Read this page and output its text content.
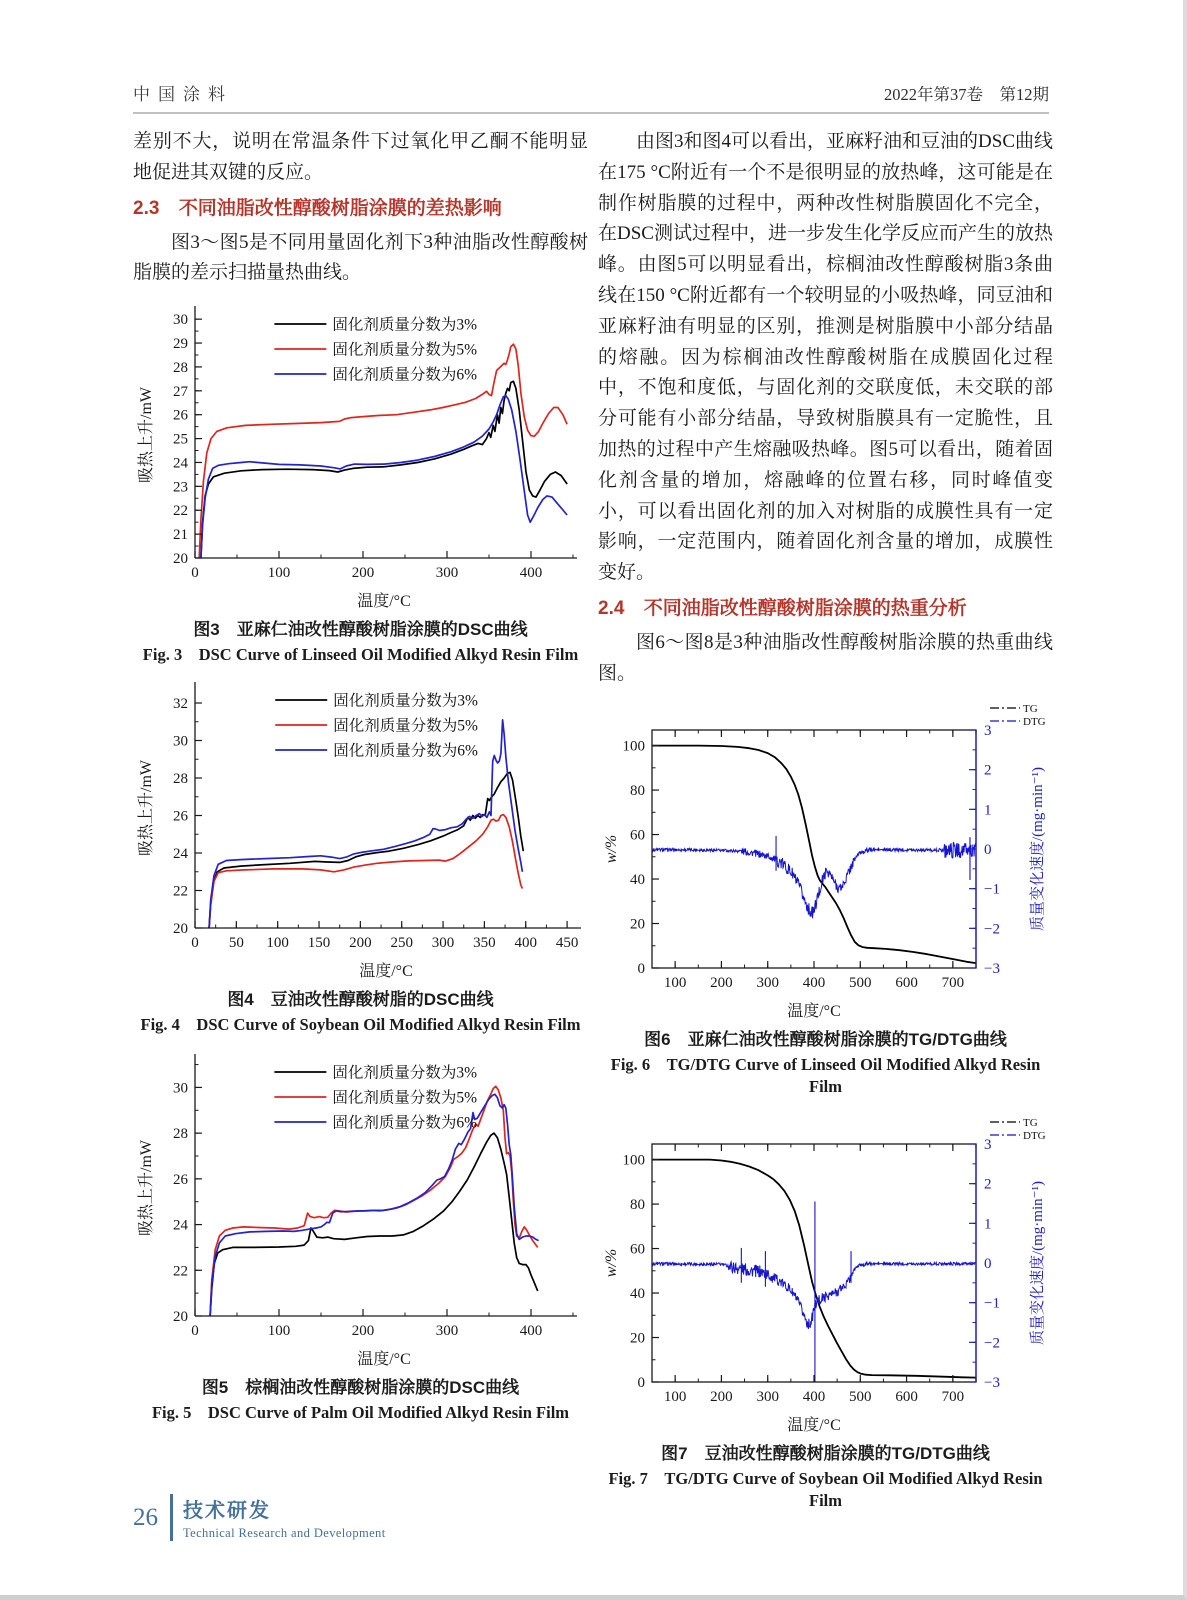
中国涂料	2022年第37卷　第12期

差别不大，说明在常温条件下过氧化甲乙酮不能明显地促进其双键的反应。

2.3 不同油脂改性醇酸树脂涂膜的差热影响

图3～图5是不同用量固化剂下3种油脂改性醇酸树脂膜的差示扫描量热曲线。

0	100	200	300	400
20
21
22
23
24
25
26
27
28
29
30
温度/°C
吸热上升/mW
固化剂质量分数为3%
固化剂质量分数为5%
固化剂质量分数为6%
图3　亚麻仁油改性醇酸树脂涂膜的DSC曲线
Fig. 3　DSC Curve of Linseed Oil Modified Alkyd Resin Film
0 50 100 150 200 250 300 350 400 450
20
22
24
26
28
30
32
温度/°C
吸热上升/mW
固化剂质量分数为3%
固化剂质量分数为5%
固化剂质量分数为6%
图4　豆油改性醇酸树脂的DSC曲线
Fig. 4　DSC Curve of Soybean Oil Modified Alkyd Resin Film
0	100	200	300	400
20
22
24
26
28
30
温度/°C
吸热上升/mW
固化剂质量分数为3%
固化剂质量分数为5%
固化剂质量分数为6%
图5　棕榈油改性醇酸树脂涂膜的DSC曲线
Fig. 5　DSC Curve of Palm Oil Modified Alkyd Resin Film

由图3和图4可以看出，亚麻籽油和豆油的DSC曲线在175 °C附近有一个不是很明显的放热峰，这可能是在制作树脂膜的过程中，两种改性树脂膜固化不完全，在DSC测试过程中，进一步发生化学反应而产生的放热峰。由图5可以明显看出，棕榈油改性醇酸树脂3条曲线在150 °C附近都有一个较明显的小吸热峰，同豆油和亚麻籽油有明显的区别，推测是树脂膜中小部分结晶的熔融。因为棕榈油改性醇酸树脂在成膜固化过程中，不饱和度低，与固化剂的交联度低，未交联的部分可能有小部分结晶，导致树脂膜具有一定脆性，且加热的过程中产生熔融吸热峰。图5可以看出，随着固化剂含量的增加，熔融峰的位置右移，同时峰值变小，可以看出固化剂的加入对树脂的成膜性具有一定影响，一定范围内，随着固化剂含量的增加，成膜性变好。

2.4 不同油脂改性醇酸树脂涂膜的热重分析

图6～图8是3种油脂改性醇酸树脂涂膜的热重曲线图。

100 200 300 400 500 600 700
0
20
40
60
80
100
−3
−2
−1
0
1
2
3
温度/°C
w/%	质量变化速度/(mg·min⁻¹)
TG
DTG
图6　亚麻仁油改性醇酸树脂涂膜的TG/DTG曲线
Fig. 6　TG/DTG Curve of Linseed Oil Modified Alkyd Resin Film
100 200 300 400 500 600 700
0
20
40
60
80
100
−3
−2
−1
0
1
2
3
温度/°C
w/%	质量变化速度/(mg·min⁻¹)
TG
DTG
图7　豆油改性醇酸树脂涂膜的TG/DTG曲线
Fig. 7　TG/DTG Curve of Soybean Oil Modified Alkyd Resin Film
26 技术研发
Technical Research and Development
